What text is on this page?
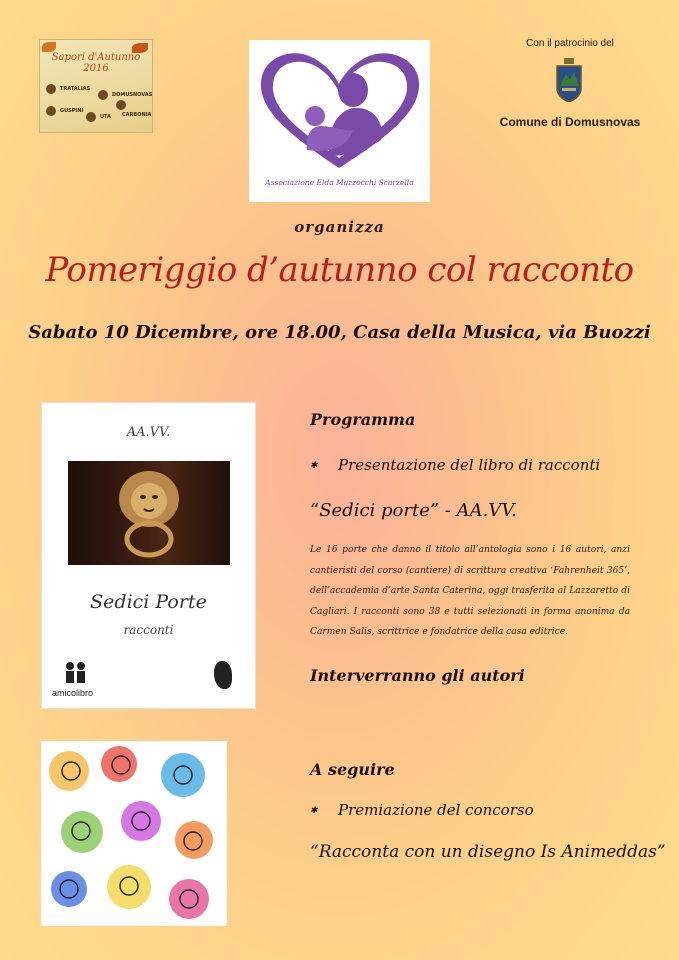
Sapori d'Autunno 2016
TRATALIAS
DOMUSNOVAS
GUSPINI
UTA CARBONIA
Associazione Elda Mazzocchi Scarzella
Con il patrocinio del
Comune di Domusnovas
organizza
Pomeriggio d’autunno col racconto
Sabato 10 Dicembre, ore 18.00, Casa della Musica, via Buozzi
AA.VV.
Sedici Porte
racconti
amicolibro
Programma
✱ Presentazione del libro di racconti
“Sedici porte” - AA.VV.
Le 16 porte che danno il titolo all’antologia sono i 16 autori, anzi cantieristi del corso (cantiere) di scrittura creativa ‘Fahrenheit 365’, dell’accademia d’arte Santa Caterina, oggi trasferita al Lazzaretto di Cagliari. I racconti sono 38 e tutti selezionati in forma anonima da Carmen Salis, scrittrice e fondatrice della casa editrice.
Interverranno gli autori
A seguire
✱ Premiazione del concorso
“Racconta con un disegno Is Animeddas”
